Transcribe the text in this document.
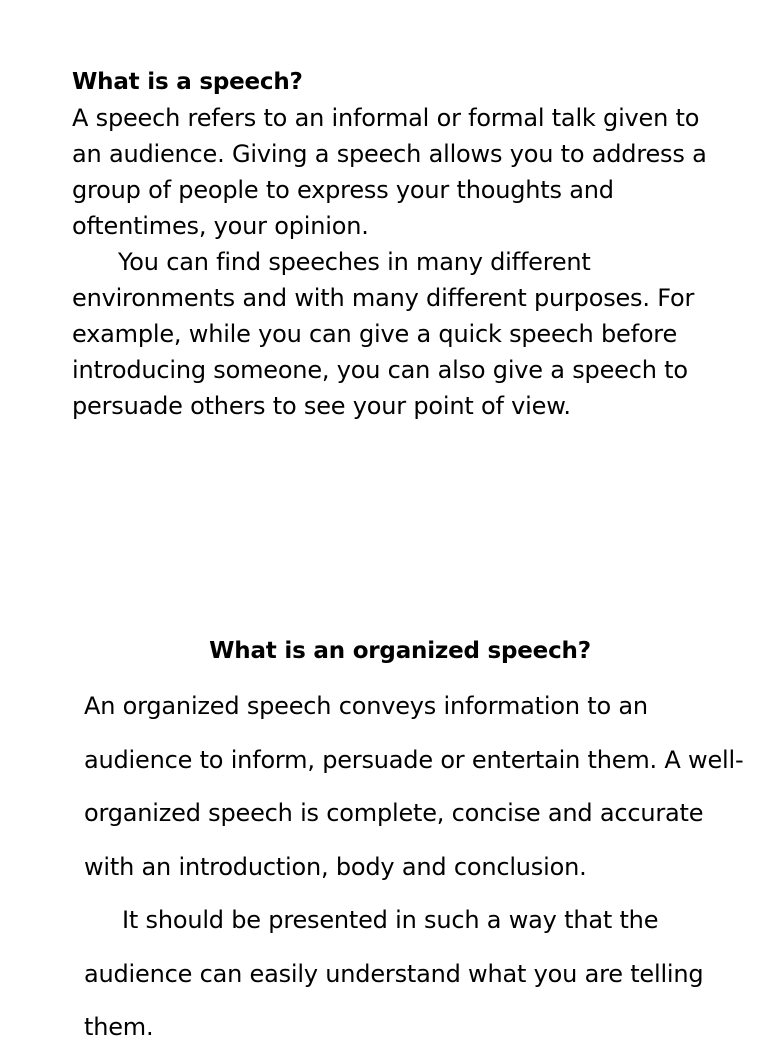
What is a speech?

A speech refers to an informal or formal talk given to an audience. Giving a speech allows you to address a group of people to express your thoughts and oftentimes, your opinion.

You can find speeches in many different environments and with many different purposes. For example, while you can give a quick speech before introducing someone, you can also give a speech to persuade others to see your point of view.

What is an organized speech?

An organized speech conveys information to an audience to inform, persuade or entertain them. A well-organized speech is complete, concise and accurate with an introduction, body and conclusion.

It should be presented in such a way that the audience can easily understand what you are telling them.
